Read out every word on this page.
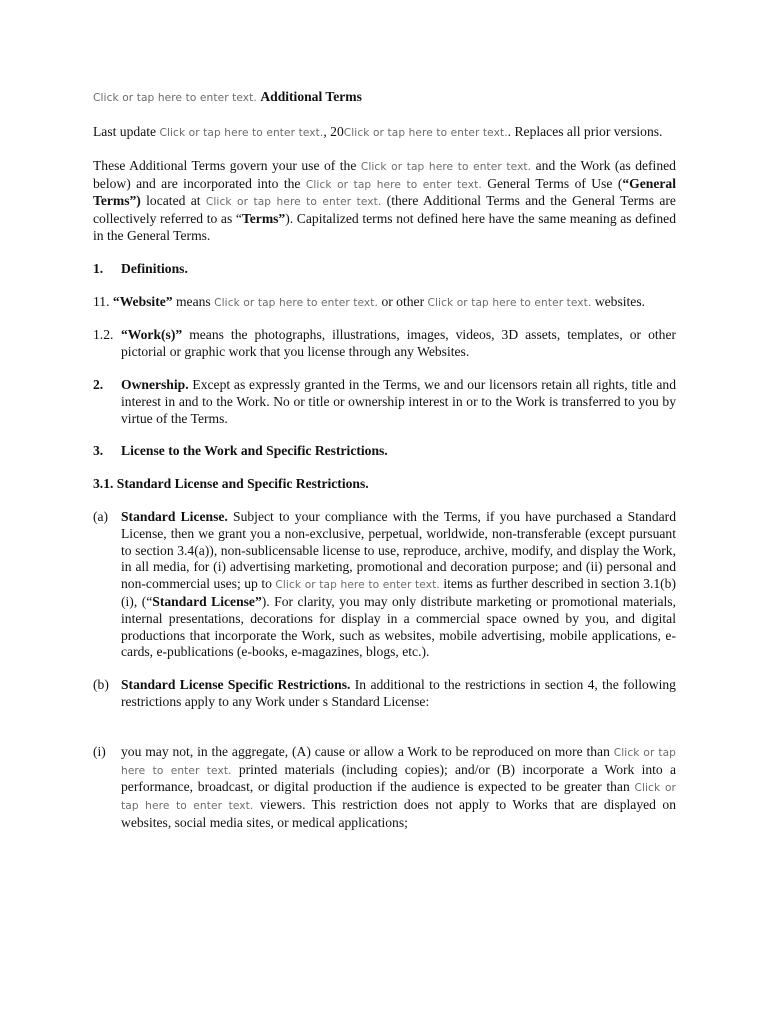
Click or tap here to enter text. Additional Terms

Last update Click or tap here to enter text., 20Click or tap here to enter text.. Replaces all prior versions.

These Additional Terms govern your use of the Click or tap here to enter text. and the Work (as defined below) and are incorporated into the Click or tap here to enter text. General Terms of Use (“General Terms”) located at Click or tap here to enter text. (there Additional Terms and the General Terms are collectively referred to as “Terms”). Capitalized terms not defined here have the same meaning as defined in the General Terms.

1.	Definitions.

11. “Website” means Click or tap here to enter text. or other Click or tap here to enter text. websites.

1.2. “Work(s)” means the photographs, illustrations, images, videos, 3D assets, templates, or other pictorial or graphic work that you license through any Websites.

2.	Ownership. Except as expressly granted in the Terms, we and our licensors retain all rights, title and interest in and to the Work. No or title or ownership interest in or to the Work is transferred to you by virtue of the Terms.

3.	License to the Work and Specific Restrictions.

3.1. Standard License and Specific Restrictions.

(a) Standard License. Subject to your compliance with the Terms, if you have purchased a Standard License, then we grant you a non-exclusive, perpetual, worldwide, non-transferable (except pursuant to section 3.4(a)), non-sublicensable license to use, reproduce, archive, modify, and display the Work, in all media, for (i) advertising marketing, promotional and decoration purpose; and (ii) personal and non-commercial uses; up to Click or tap here to enter text. items as further described in section 3.1(b)(i), (“Standard License”). For clarity, you may only distribute marketing or promotional materials, internal presentations, decorations for display in a commercial space owned by you, and digital productions that incorporate the Work, such as websites, mobile advertising, mobile applications, e-cards, e-publications (e-books, e-magazines, blogs, etc.).

(b) Standard License Specific Restrictions. In additional to the restrictions in section 4, the following restrictions apply to any Work under s Standard License:

(i)	you may not, in the aggregate, (A) cause or allow a Work to be reproduced on more than Click or tap here to enter text. printed materials (including copies); and/or (B) incorporate a Work into a performance, broadcast, or digital production if the audience is expected to be greater than Click or tap here to enter text. viewers. This restriction does not apply to Works that are displayed on websites, social media sites, or medical applications;
